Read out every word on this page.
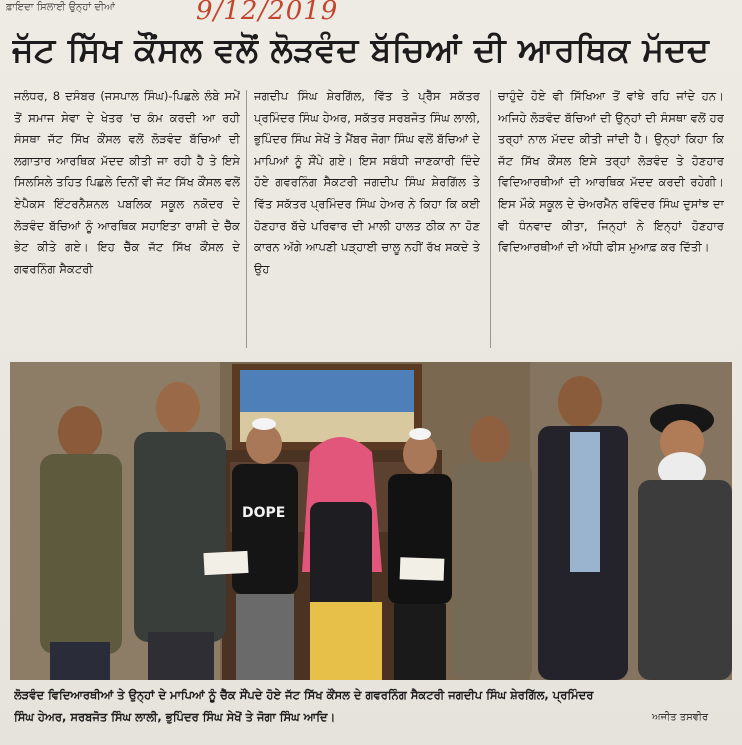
ਫ਼ਾਇਦਾ ਸਿਲਾਈ ਉਨ੍ਹਾਂ ਦੀਆਂ	9/12/2019
ਜੱਟ ਸਿੱਖ ਕੌਂਸਲ ਵਲੋਂ ਲੋੜਵੰਦ ਬੱਚਿਆਂ ਦੀ ਆਰਥਿਕ ਮੱਦਦ
ਜਲੰਧਰ, 8 ਦਸੰਬਰ (ਜਸਪਾਲ ਸਿੰਘ)-ਪਿਛਲੇ ਲੰਬੇ ਸਮੇਂ ਤੋਂ ਸਮਾਜ ਸੇਵਾ ਦੇ ਖੇਤਰ 'ਚ ਕੰਮ ਕਰਦੀ ਆ ਰਹੀ ਸੰਸਥਾ ਜੱਟ ਸਿੱਖ ਕੌਂਸਲ ਵਲੋਂ ਲੋੜਵੰਦ ਬੱਚਿਆਂ ਦੀ ਲਗਾਤਾਰ ਆਰਥਿਕ ਮੱਦਦ ਕੀਤੀ ਜਾ ਰਹੀ ਹੈ ਤੇ ਇਸੇ ਸਿਲਸਿਲੇ ਤਹਿਤ ਪਿਛਲੇ ਦਿਨੀਂ ਵੀ ਜੱਟ ਸਿੱਖ ਕੌਂਸਲ ਵਲੋਂ ਏਪੈਕਸ ਇੰਟਰਨੈਸ਼ਨਲ ਪਬਲਿਕ ਸਕੂਲ ਨਕੋਦਰ ਦੇ ਲੋੜਵੰਦ ਬੱਚਿਆਂ ਨੂੰ ਆਰਥਿਕ ਸਹਾਇਤਾ ਰਾਸ਼ੀ ਦੇ ਚੈੱਕ ਭੇਟ ਕੀਤੇ ਗਏ। ਇਹ ਚੈੱਕ ਜੱਟ ਸਿੱਖ ਕੌਂਸਲ ਦੇ ਗਵਰਨਿੰਗ ਸੈਕਟਰੀ
ਜਗਦੀਪ ਸਿੰਘ ਸ਼ੇਰਗਿੱਲ, ਵਿੱਤ ਤੇ ਪ੍ਰੈੱਸ ਸਕੱਤਰ ਪ੍ਰਮਿੰਦਰ ਸਿੰਘ ਹੇਅਰ, ਸਕੱਤਰ ਸਰਬਜੋਤ ਸਿੰਘ ਲਾਲੀ, ਭੁਪਿੰਦਰ ਸਿੰਘ ਸੇਖੋਂ ਤੇ ਮੈਂਬਰ ਜੋਗਾ ਸਿੰਘ ਵਲੋਂ ਬੱਚਿਆਂ ਦੇ ਮਾਪਿਆਂ ਨੂੰ ਸੌਂਪੇ ਗਏ। ਇਸ ਸਬੰਧੀ ਜਾਣਕਾਰੀ ਦਿੰਦੇ ਹੋਏ ਗਵਰਨਿੰਗ ਸੈਕਟਰੀ ਜਗਦੀਪ ਸਿੰਘ ਸ਼ੇਰਗਿੱਲ ਤੇ ਵਿੱਤ ਸਕੱਤਰ ਪ੍ਰਮਿੰਦਰ ਸਿੰਘ ਹੇਅਰ ਨੇ ਕਿਹਾ ਕਿ ਕਈ ਹੋਣਹਾਰ ਬੱਚੇ ਪਰਿਵਾਰ ਦੀ ਮਾਲੀ ਹਾਲਤ ਠੀਕ ਨਾ ਹੋਣ ਕਾਰਨ ਅੱਗੇ ਆਪਣੀ ਪੜ੍ਹਾਈ ਚਾਲੂ ਨਹੀਂ ਰੱਖ ਸਕਦੇ ਤੇ ਉਹ
ਚਾਹੁੰਦੇ ਹੋਏ ਵੀ ਸਿੱਖਿਆ ਤੋਂ ਵਾਂਝੇ ਰਹਿ ਜਾਂਦੇ ਹਨ। ਅਜਿਹੇ ਲੋੜਵੰਦ ਬੱਚਿਆਂ ਦੀ ਉਨ੍ਹਾਂ ਦੀ ਸੰਸਥਾ ਵਲੋਂ ਹਰ ਤਰ੍ਹਾਂ ਨਾਲ ਮੱਦਦ ਕੀਤੀ ਜਾਂਦੀ ਹੈ। ਉਨ੍ਹਾਂ ਕਿਹਾ ਕਿ ਜੱਟ ਸਿੱਖ ਕੌਂਸਲ ਇਸੇ ਤਰ੍ਹਾਂ ਲੋੜਵੰਦ ਤੇ ਹੋਣਹਾਰ ਵਿਦਿਆਰਥੀਆਂ ਦੀ ਆਰਥਿਕ ਮੱਦਦ ਕਰਦੀ ਰਹੇਗੀ। ਇਸ ਮੌਕੇ ਸਕੂਲ ਦੇ ਚੇਅਰਮੈਨ ਰਵਿੰਦਰ ਸਿੰਘ ਦੁਸਾਂਝ ਦਾ ਵੀ ਧੰਨਵਾਦ ਕੀਤਾ, ਜਿਨ੍ਹਾਂ ਨੇ ਇਨ੍ਹਾਂ ਹੋਣਹਾਰ ਵਿਦਿਆਰਥੀਆਂ ਦੀ ਅੱਧੀ ਫੀਸ ਮੁਆਫ਼ ਕਰ ਦਿੱਤੀ।
DOPE
ਲੋੜਵੰਦ ਵਿਦਿਆਰਥੀਆਂ ਤੇ ਉਨ੍ਹਾਂ ਦੇ ਮਾਪਿਆਂ ਨੂੰ ਚੈੱਕ ਸੌਂਪਦੇ ਹੋਏ ਜੱਟ ਸਿੱਖ ਕੌਂਸਲ ਦੇ ਗਵਰਨਿੰਗ ਸੈਕਟਰੀ ਜਗਦੀਪ ਸਿੰਘ ਸ਼ੇਰਗਿੱਲ, ਪ੍ਰਮਿੰਦਰ ਸਿੰਘ ਹੇਅਰ, ਸਰਬਜੋਤ ਸਿੰਘ ਲਾਲੀ, ਭੁਪਿੰਦਰ ਸਿੰਘ ਸੇਖੋਂ ਤੇ ਜੋਗਾ ਸਿੰਘ ਆਦਿ।	ਅਜੀਤ ਤਸਵੀਰ
